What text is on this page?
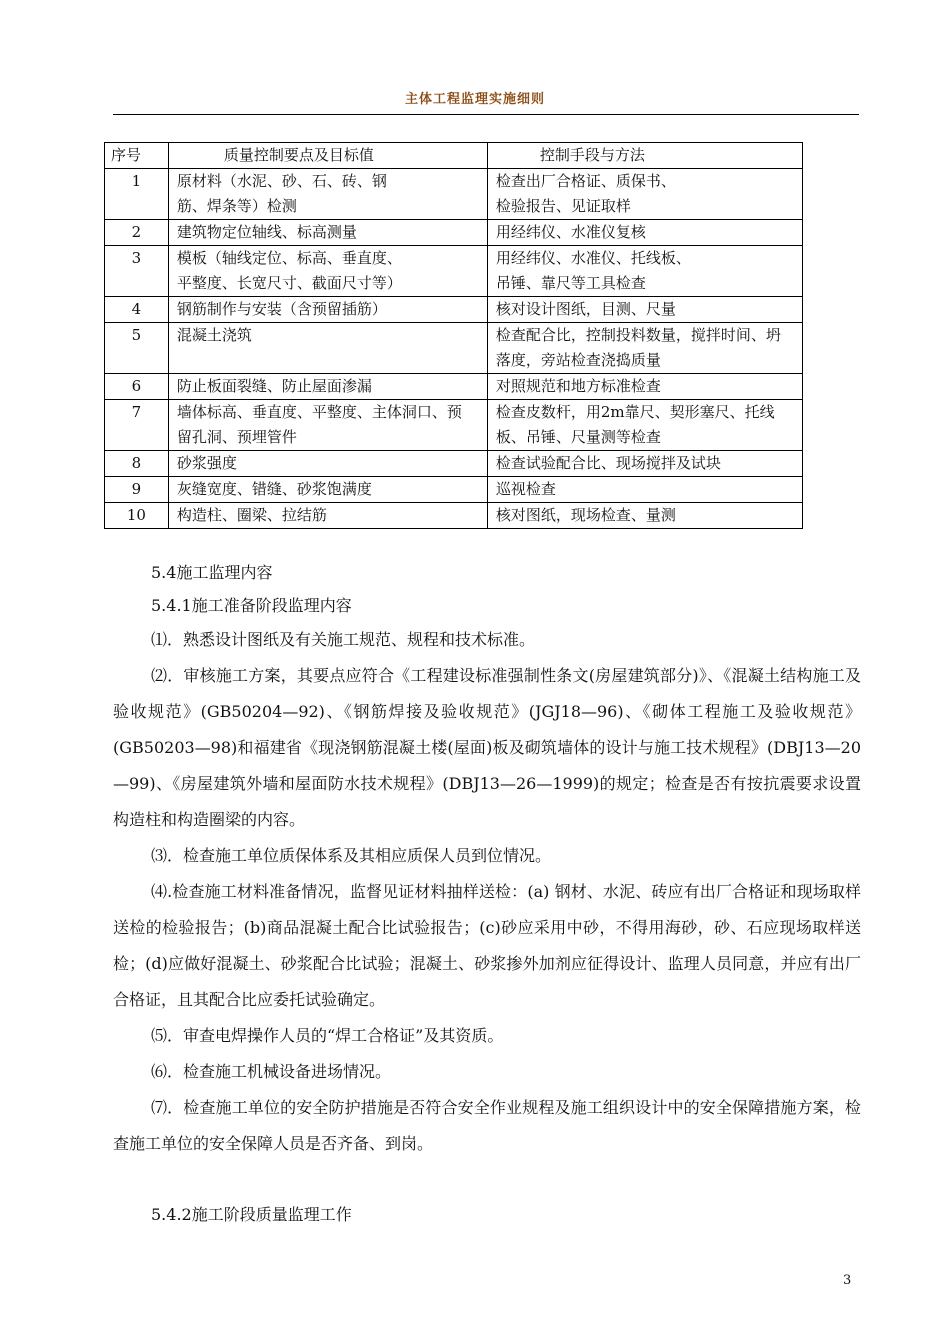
主体工程监理实施细则
序号	质量控制要点及目标值	控制手段与方法
1	原材料（水泥、砂、石、砖、钢
筋、焊条等）检测	检查出厂合格证、质保书、
检验报告、见证取样
2	建筑物定位轴线、标高测量	用经纬仪、水准仪复核
3	模板（轴线定位、标高、垂直度、
平整度、长宽尺寸、截面尺寸等）	用经纬仪、水准仪、托线板、
吊锤、靠尺等工具检查
4	钢筋制作与安装（含预留插筋）	核对设计图纸，目测、尺量
5	混凝土浇筑	检查配合比，控制投料数量，搅拌时间、坍
落度，旁站检查浇捣质量
6	防止板面裂缝、防止屋面渗漏	对照规范和地方标准检查
7	墙体标高、垂直度、平整度、主体洞口、预
留孔洞、预埋管件	检查皮数杆，用2m靠尺、契形塞尺、托线
板、吊锤、尺量测等检查
8	砂浆强度	检查试验配合比、现场搅拌及试块
9	灰缝宽度、错缝、砂浆饱满度	巡视检查
10	构造柱、圈梁、拉结筋	核对图纸，现场检查、量测

5.4施工监理内容

5.4.1施工准备阶段监理内容

⑴．熟悉设计图纸及有关施工规范、规程和技术标准。

⑵．审核施工方案，其要点应符合《工程建设标准强制性条文(房屋建筑部分)》、《混凝土结构施工及验收规范》(GB50204—92)、《钢筋焊接及验收规范》(JGJ18—96)、《砌体工程施工及验收规范》(GB50203—98)和福建省《现浇钢筋混凝土楼(屋面)板及砌筑墙体的设计与施工技术规程》(DBJ13—20—99)、《房屋建筑外墙和屋面防水技术规程》(DBJ13—26—1999)的规定；检查是否有按抗震要求设置构造柱和构造圈梁的内容。

⑶．检查施工单位质保体系及其相应质保人员到位情况。

⑷.检查施工材料准备情况，监督见证材料抽样送检：(a) 钢材、水泥、砖应有出厂合格证和现场取样送检的检验报告；(b)商品混凝土配合比试验报告；(c)砂应采用中砂，不得用海砂，砂、石应现场取样送检；(d)应做好混凝土、砂浆配合比试验；混凝土、砂浆掺外加剂应征得设计、监理人员同意，并应有出厂合格证，且其配合比应委托试验确定。

⑸．审查电焊操作人员的“焊工合格证”及其资质。

⑹．检查施工机械设备进场情况。

⑺．检查施工单位的安全防护措施是否符合安全作业规程及施工组织设计中的安全保障措施方案，检查施工单位的安全保障人员是否齐备、到岗。

5.4.2施工阶段质量监理工作

3
